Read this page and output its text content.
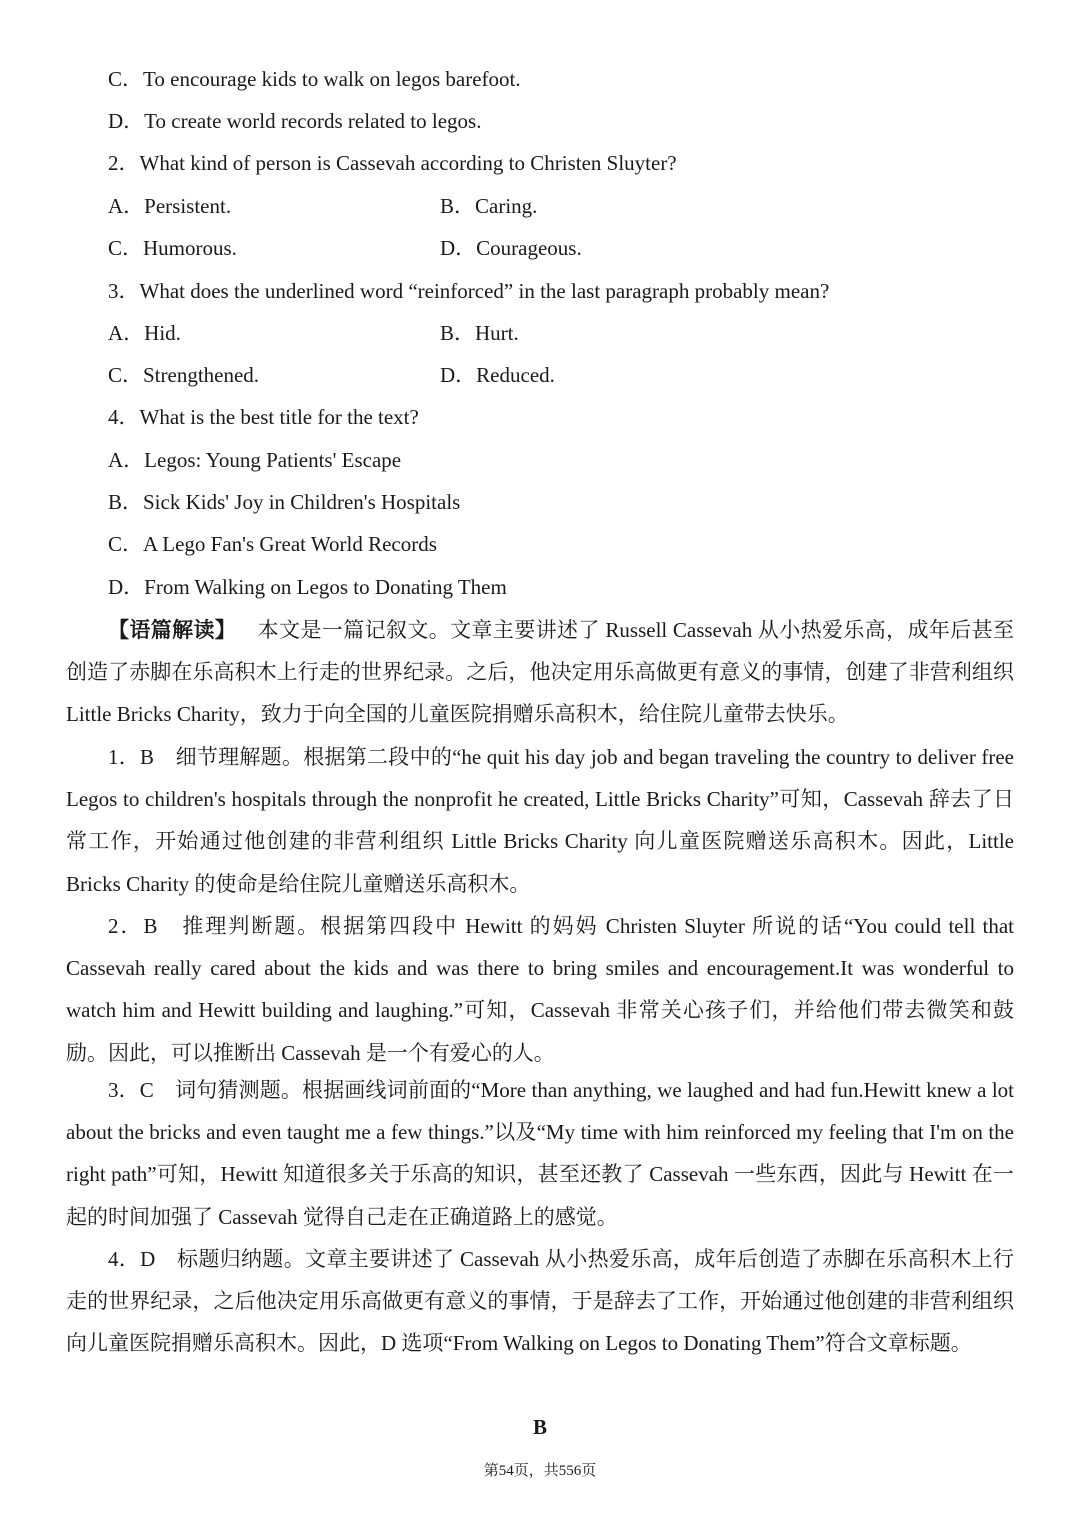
C．To encourage kids to walk on legos barefoot.
D．To create world records related to legos.
2．What kind of person is Cassevah according to Christen Sluyter?
A．Persistent.	B．Caring.
C．Humorous.	D．Courageous.
3．What does the underlined word “reinforced” in the last paragraph probably mean?
A．Hid.	B．Hurt.
C．Strengthened.	D．Reduced.
4．What is the best title for the text?
A．Legos: Young Patients' Escape
B．Sick Kids' Joy in Children's Hospitals
C．A Lego Fan's Great World Records
D．From Walking on Legos to Donating Them
【语篇解读】  本文是一篇记叙文。文章主要讲述了 Russell Cassevah 从小热爱乐高，成年后甚至创造了赤脚在乐高积木上行走的世界纪录。之后，他决定用乐高做更有意义的事情，创建了非营利组织 Little Bricks Charity，致力于向全国的儿童医院捐赠乐高积木，给住院儿童带去快乐。
1．B　细节理解题。根据第二段中的“he quit his day job and began traveling the country to deliver free Legos to children's hospitals through the nonprofit he created, Little Bricks Charity”可知，Cassevah 辞去了日常工作，开始通过他创建的非营利组织 Little Bricks Charity 向儿童医院赠送乐高积木。因此，Little Bricks Charity 的使命是给住院儿童赠送乐高积木。
2．B　推理判断题。根据第四段中 Hewitt 的妈妈 Christen Sluyter 所说的话“You could tell that Cassevah really cared about the kids and was there to bring smiles and encouragement.It was wonderful to watch him and Hewitt building and laughing.”可知，Cassevah 非常关心孩子们，并给他们带去微笑和鼓励。因此，可以推断出 Cassevah 是一个有爱心的人。
3．C　词句猜测题。根据画线词前面的“More than anything, we laughed and had fun.Hewitt knew a lot about the bricks and even taught me a few things.”以及“My time with him reinforced my feeling that I'm on the right path”可知，Hewitt 知道很多关于乐高的知识，甚至还教了 Cassevah 一些东西，因此与 Hewitt 在一起的时间加强了 Cassevah 觉得自己走在正确道路上的感觉。
4．D　标题归纳题。文章主要讲述了 Cassevah 从小热爱乐高，成年后创造了赤脚在乐高积木上行走的世界纪录，之后他决定用乐高做更有意义的事情，于是辞去了工作，开始通过他创建的非营利组织向儿童医院捐赠乐高积木。因此，D 选项“From Walking on Legos to Donating Them”符合文章标题。
B
第54页，共556页
